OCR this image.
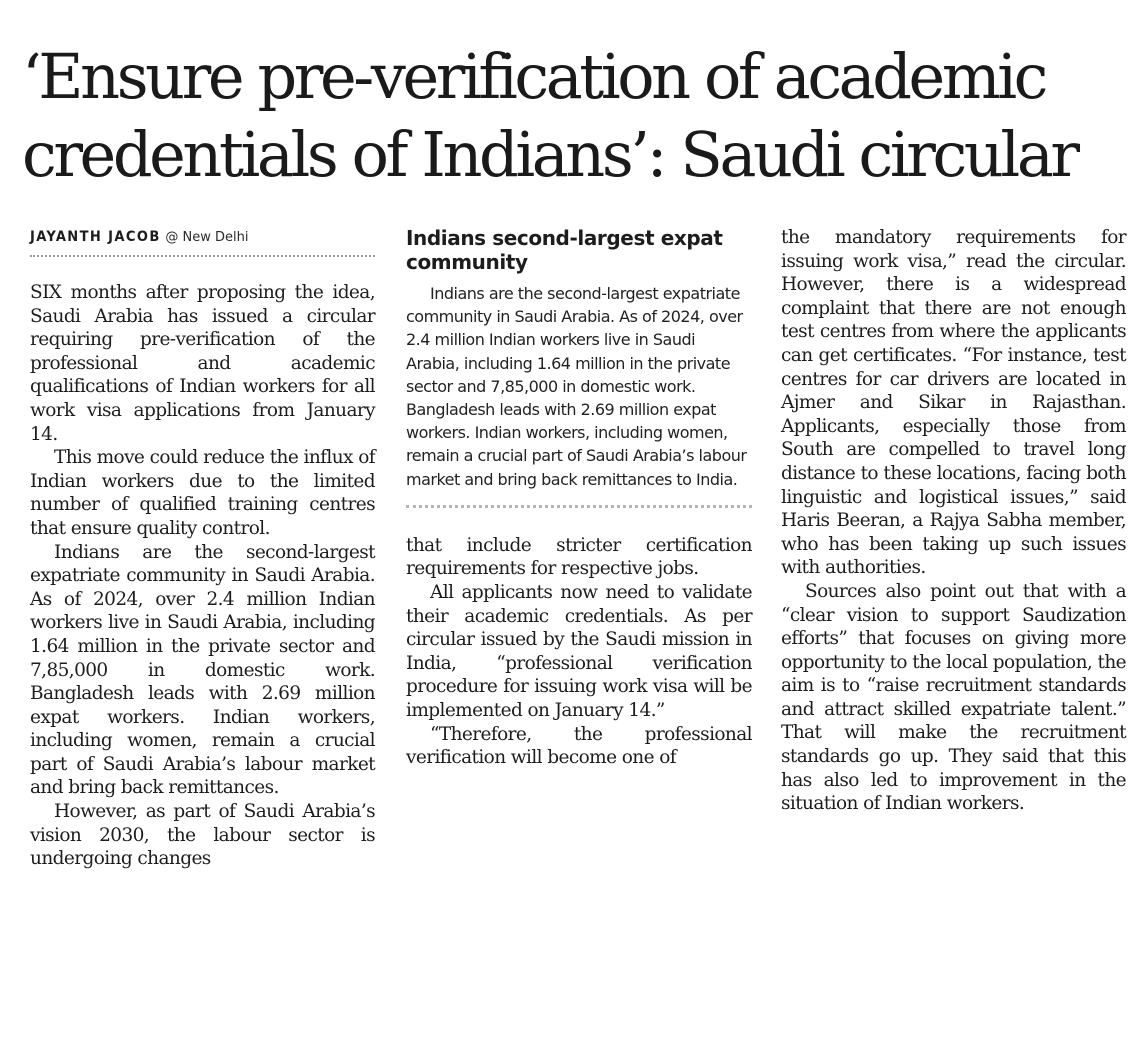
‘Ensure pre-verification of academic credentials of Indians’: Saudi circular
JAYANTH JACOB @ New Delhi

SIX months after proposing the idea, Saudi Arabia has issued a circular requiring pre-verification of the professional and academic qualifications of Indian workers for all work visa applications from January 14.

This move could reduce the influx of Indian workers due to the limited number of qualified training centres that ensure quality control.

Indians are the second-largest expatriate community in Saudi Arabia. As of 2024, over 2.4 million Indian workers live in Saudi Arabia, including 1.64 million in the private sector and 7,85,000 in domestic work. Bangladesh leads with 2.69 million expat workers. Indian workers, including women, remain a crucial part of Saudi Arabia’s labour market and bring back remittances.

However, as part of Saudi Arabia’s vision 2030, the labour sector is undergoing changes

Indians second-largest expat community

Indians are the second-largest expatriate community in Saudi Arabia. As of 2024, over 2.4 million Indian workers live in Saudi Arabia, including 1.64 million in the private sector and 7,85,000 in domestic work. Bangladesh leads with 2.69 million expat workers. Indian workers, including women, remain a crucial part of Saudi Arabia’s labour market and bring back remittances to India.

that include stricter certification requirements for respective jobs.

All applicants now need to validate their academic credentials. As per circular issued by the Saudi mission in India, “professional verification procedure for issuing work visa will be implemented on January 14.”

“Therefore, the professional verification will become one of

the mandatory requirements for issuing work visa,” read the circular. However, there is a widespread complaint that there are not enough test centres from where the applicants can get certificates. “For instance, test centres for car drivers are located in Ajmer and Sikar in Rajasthan. Applicants, especially those from South are compelled to travel long distance to these locations, facing both linguistic and logistical issues,” said Haris Beeran, a Rajya Sabha member, who has been taking up such issues with authorities.

Sources also point out that with a “clear vision to support Saudization efforts” that focuses on giving more opportunity to the local population, the aim is to “raise recruitment standards and attract skilled expatriate talent.” That will make the recruitment standards go up. They said that this has also led to improvement in the situation of Indian workers.
